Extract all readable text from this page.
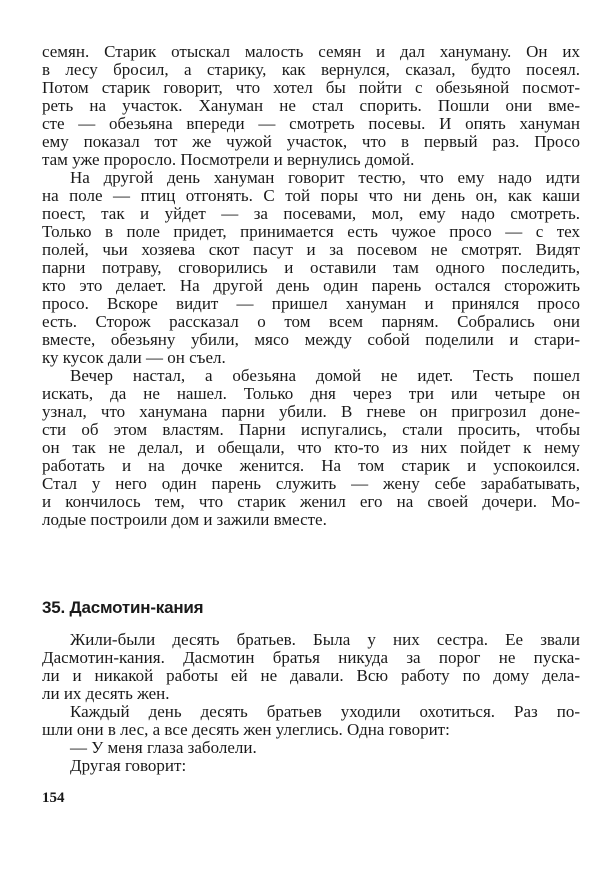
семян. Старик отыскал малость семян и дал хануману. Он их
в лесу бросил, а старику, как вернулся, сказал, будто посеял.
Потом старик говорит, что хотел бы пойти с обезьяной посмот-
реть на участок. Хануман не стал спорить. Пошли они вме-
сте — обезьяна впереди — смотреть посевы. И опять хануман
ему показал тот же чужой участок, что в первый раз. Просо
там уже проросло. Посмотрели и вернулись домой.
На другой день хануман говорит тестю, что ему надо идти
на поле — птиц отгонять. С той поры что ни день он, как каши
поест, так и уйдет — за посевами, мол, ему надо смотреть.
Только в поле придет, принимается есть чужое просо — с тех
полей, чьи хозяева скот пасут и за посевом не смотрят. Видят
парни потраву, сговорились и оставили там одного последить,
кто это делает. На другой день один парень остался сторожить
просо. Вскоре видит — пришел хануман и принялся просо
есть. Сторож рассказал о том всем парням. Собрались они
вместе, обезьяну убили, мясо между собой поделили и стари-
ку кусок дали — он съел.
Вечер настал, а обезьяна домой не идет. Тесть пошел
искать, да не нашел. Только дня через три или четыре он
узнал, что ханумана парни убили. В гневе он пригрозил доне-
сти об этом властям. Парни испугались, стали просить, чтобы
он так не делал, и обещали, что кто-то из них пойдет к нему
работать и на дочке женится. На том старик и успокоился.
Стал у него один парень служить — жену себе зарабатывать,
и кончилось тем, что старик женил его на своей дочери. Мо-
лодые построили дом и зажили вместе.
35. Дасмотин-кания
Жили-были десять братьев. Была у них сестра. Ее звали
Дасмотин-кания. Дасмотин братья никуда за порог не пуска-
ли и никакой работы ей не давали. Всю работу по дому дела-
ли их десять жен.
Каждый день десять братьев уходили охотиться. Раз по-
шли они в лес, а все десять жен улеглись. Одна говорит:
— У меня глаза заболели.
Другая говорит:
154
